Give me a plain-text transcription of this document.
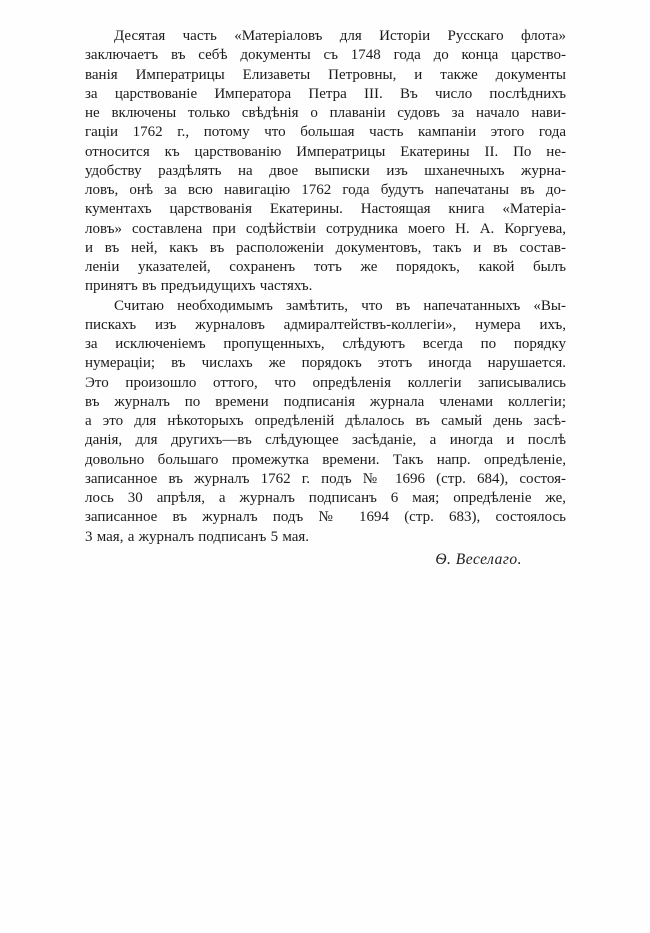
Десятая часть «Матеріаловъ для Исторіи Русскаго флота»
заключаетъ въ себѣ документы съ 1748 года до конца царство-
ванія Императрицы Елизаветы Петровны, и также документы
за царствованіе Императора Петра III. Въ число послѣднихъ
не включены только свѣдѣнія о плаваніи судовъ за начало нави-
гаціи 1762 г., потому что большая часть кампаніи этого года
относится къ царствованію Императрицы Екатерины II. По не-
удобству раздѣлять на двое выписки изъ шханечныхъ журна-
ловъ, онѣ за всю навигацію 1762 года будутъ напечатаны въ до-
кументахъ царствованія Екатерины. Настоящая книга «Матеріа-
ловъ» составлена при содѣйствіи сотрудника моего Н. А. Коргуева,
и въ ней, какъ въ расположеніи документовъ, такъ и въ состав-
леніи указателей, сохраненъ тотъ же порядокъ, какой былъ
принятъ въ предъидущихъ частяхъ.
Считаю необходимымъ замѣтить, что въ напечатанныхъ «Вы-
пискахъ изъ журналовъ адмиралтействъ-коллегіи», нумера ихъ,
за исключеніемъ пропущенныхъ, слѣдуютъ всегда по порядку
нумераціи; въ числахъ же порядокъ этотъ иногда нарушается.
Это произошло оттого, что опредѣленія коллегіи записывались
въ журналъ по времени подписанія журнала членами коллегіи;
а это для нѣкоторыхъ опредѣленій дѣлалось въ самый день засѣ-
данія, для другихъ—въ слѣдующее засѣданіе, а иногда и послѣ
довольно большаго промежутка времени. Такъ напр. опредѣленіе,
записанное въ журналъ 1762 г. подъ № 1696 (стр. 684), состоя-
лось 30 апрѣля, а журналъ подписанъ 6 мая; опредѣленіе же,
записанное въ журналъ подъ № 1694 (стр. 683), состоялось
3 мая, а журналъ подписанъ 5 мая.
Ѳ. Веселаго.
